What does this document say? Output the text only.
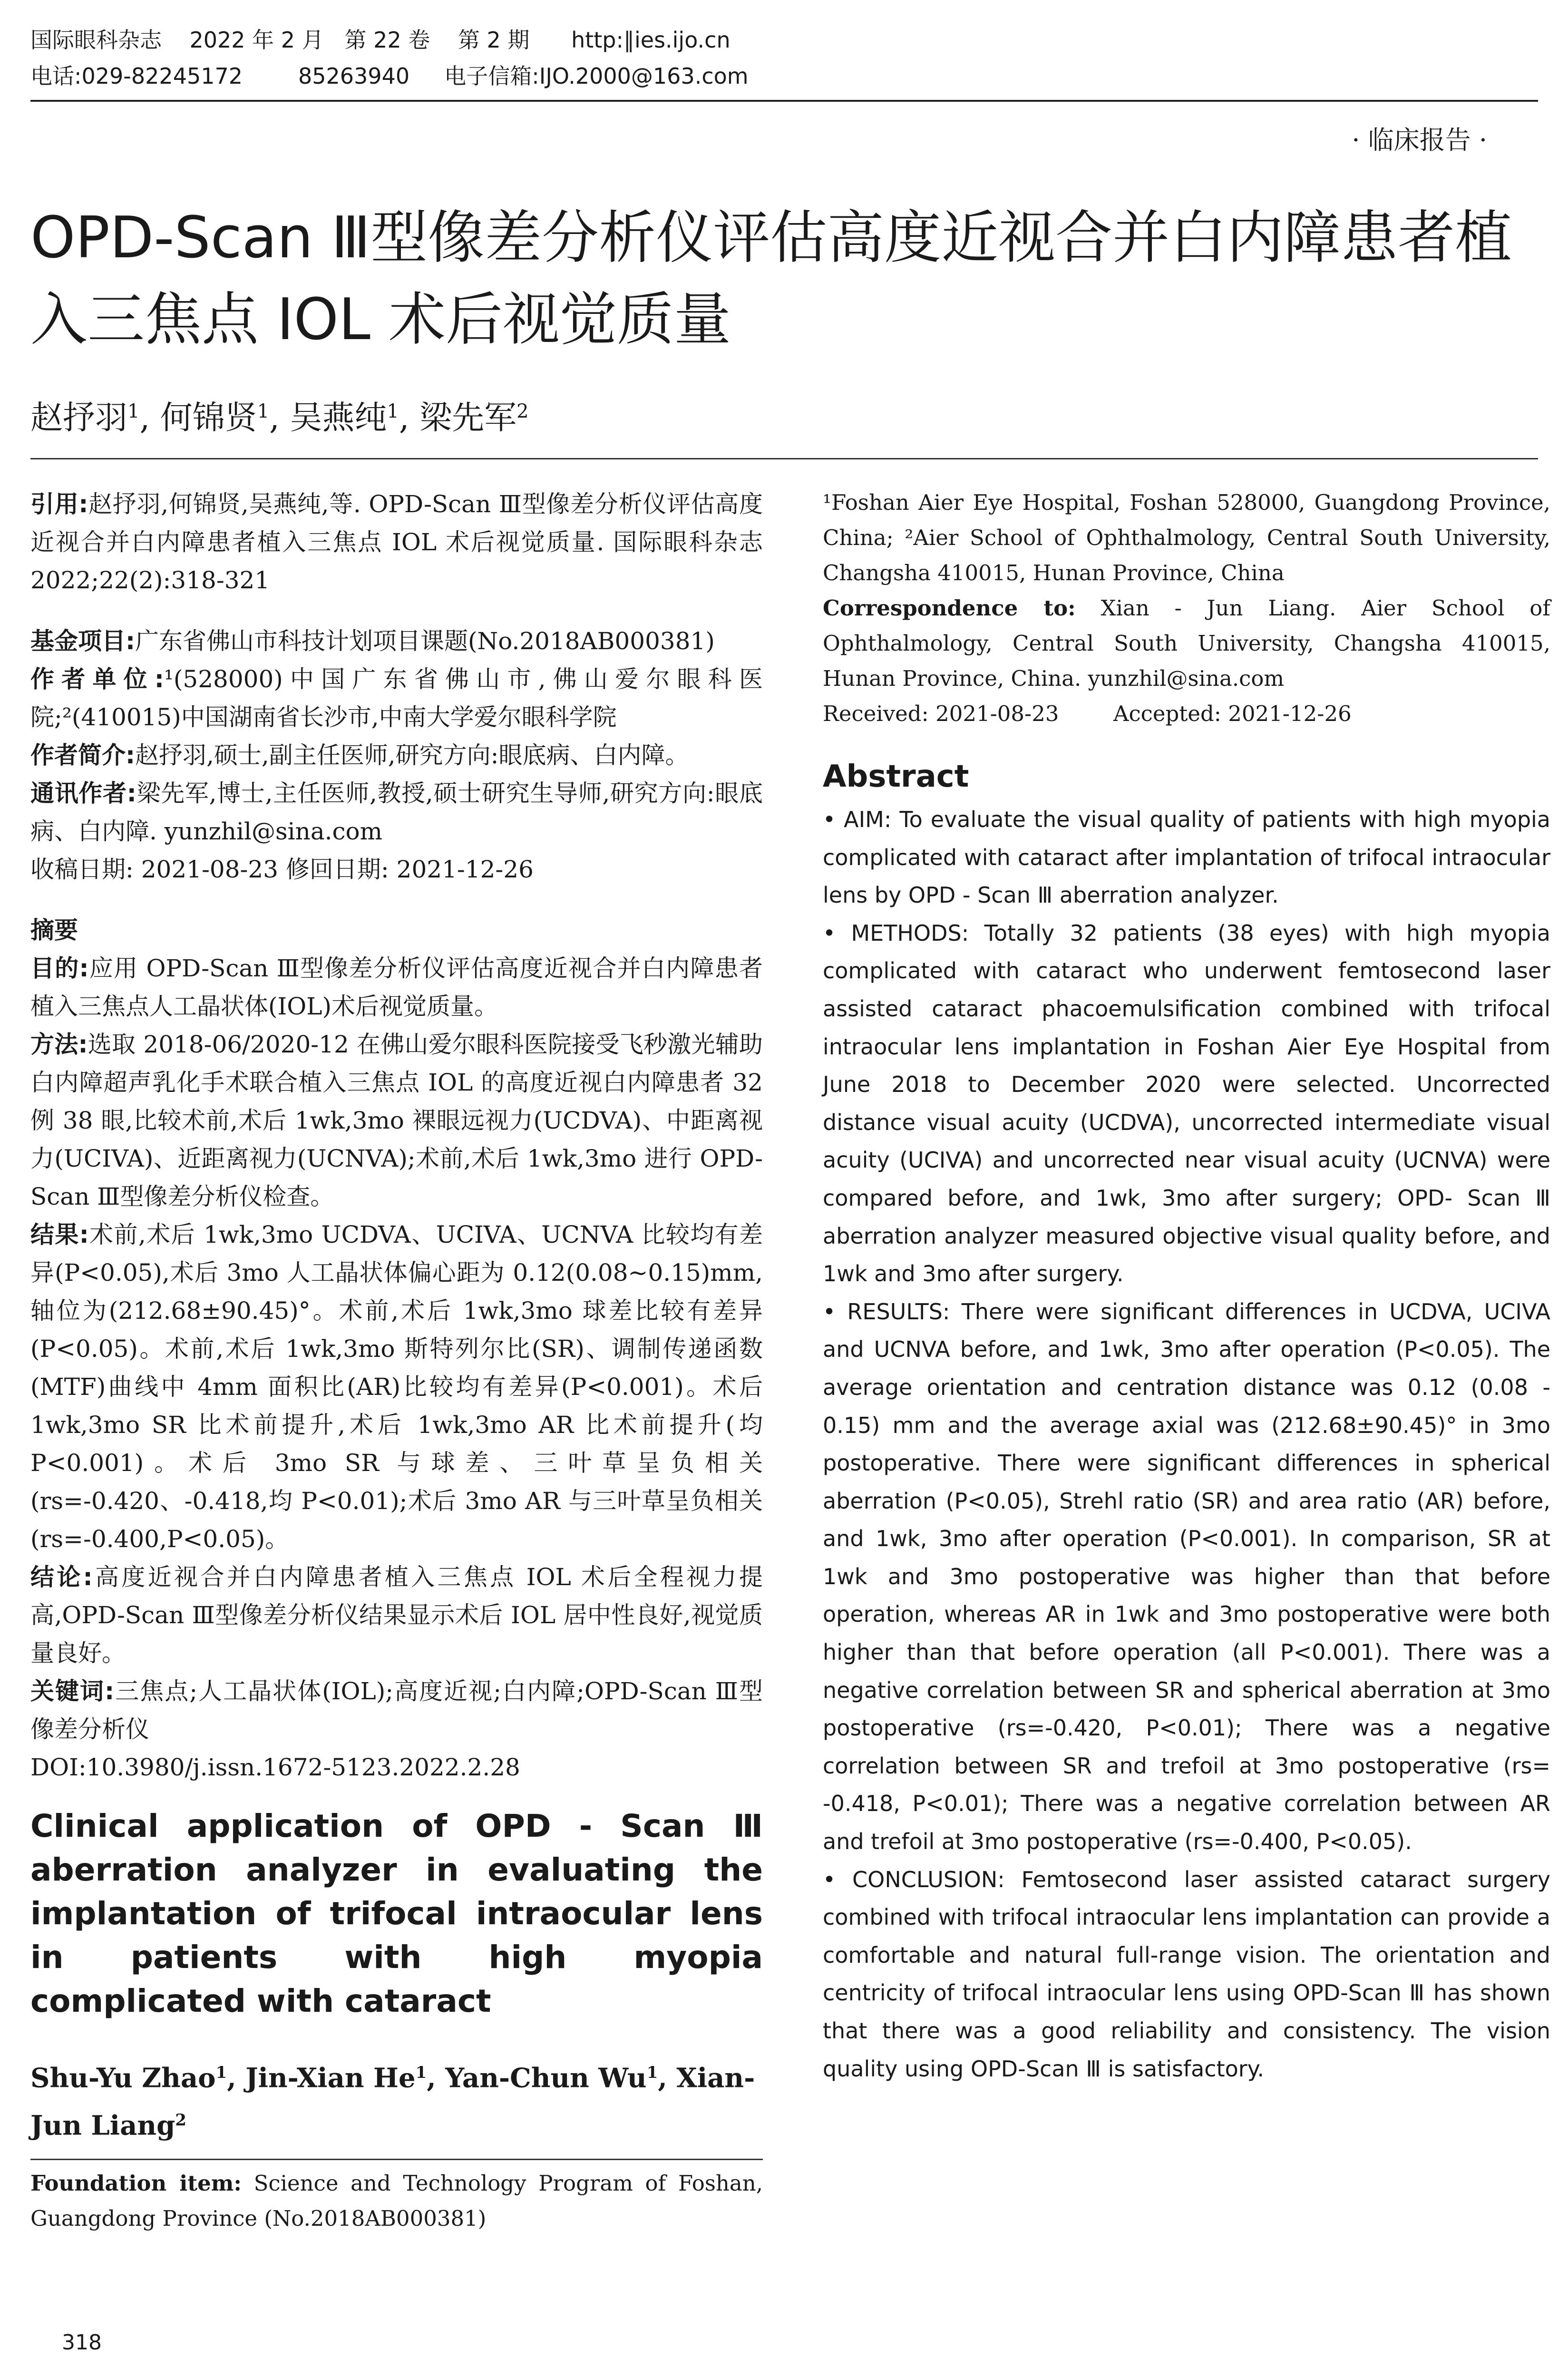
国际眼科杂志    2022 年 2 月   第 22 卷    第 2 期      http:∥ies.ijo.cn
电话:029-82245172        85263940     电子信箱:IJO.2000@163.com
· 临床报告 ·
OPD-Scan Ⅲ型像差分析仪评估高度近视合并白内障患者植入三焦点 IOL 术后视觉质量
赵抒羽$^1$, 何锦贤$^1$, 吴燕纯$^1$, 梁先军$^2$

引用:赵抒羽,何锦贤,吴燕纯,等. OPD-Scan Ⅲ型像差分析仪评估高度近视合并白内障患者植入三焦点 IOL 术后视觉质量. 国际眼科杂志 2022;22(2):318-321

基金项目:广东省佛山市科技计划项目课题(No.2018AB000381)

作者单位:¹(528000)中国广东省佛山市,佛山爱尔眼科医院;²(410015)中国湖南省长沙市,中南大学爱尔眼科学院

作者简介:赵抒羽,硕士,副主任医师,研究方向:眼底病、白内障。

通讯作者:梁先军,博士,主任医师,教授,硕士研究生导师,研究方向:眼底病、白内障. yunzhil@sina.com

收稿日期: 2021-08-23 修回日期: 2021-12-26

摘要

目的:应用 OPD-Scan Ⅲ型像差分析仪评估高度近视合并白内障患者植入三焦点人工晶状体(IOL)术后视觉质量。

方法:选取 2018-06/2020-12 在佛山爱尔眼科医院接受飞秒激光辅助白内障超声乳化手术联合植入三焦点 IOL 的高度近视白内障患者 32 例 38 眼,比较术前,术后 1wk,3mo 裸眼远视力(UCDVA)、中距离视力(UCIVA)、近距离视力(UCNVA);术前,术后 1wk,3mo 进行 OPD-Scan Ⅲ型像差分析仪检查。

结果:术前,术后 1wk,3mo UCDVA、UCIVA、UCNVA 比较均有差异(P<0.05),术后 3mo 人工晶状体偏心距为 0.12(0.08~0.15)mm,轴位为(212.68±90.45)°。术前,术后 1wk,3mo 球差比较有差异(P<0.05)。术前,术后 1wk,3mo 斯特列尔比(SR)、调制传递函数(MTF)曲线中 4mm 面积比(AR)比较均有差异(P<0.001)。术后 1wk,3mo SR 比术前提升,术后 1wk,3mo AR 比术前提升(均 P<0.001)。术后 3mo SR 与球差、三叶草呈负相关(rs=-0.420、-0.418,均 P<0.01);术后 3mo AR 与三叶草呈负相关(rs=-0.400,P<0.05)。

结论:高度近视合并白内障患者植入三焦点 IOL 术后全程视力提高,OPD-Scan Ⅲ型像差分析仪结果显示术后 IOL 居中性良好,视觉质量良好。

关键词:三焦点;人工晶状体(IOL);高度近视;白内障;OPD-Scan Ⅲ型像差分析仪

DOI:10.3980/j.issn.1672-5123.2022.2.28

Clinical application of OPD - Scan Ⅲ aberration analyzer in evaluating the implantation of trifocal intraocular lens in patients with high myopia complicated with cataract
Shu-Yu Zhao$^1$, Jin-Xian He$^1$, Yan-Chun Wu$^1$, Xian-Jun Liang$^2$

Foundation item: Science and Technology Program of Foshan, Guangdong Province (No.2018AB000381)

¹Foshan Aier Eye Hospital, Foshan 528000, Guangdong Province, China; ²Aier School of Ophthalmology, Central South University, Changsha 410015, Hunan Province, China

Correspondence to: Xian - Jun Liang. Aier School of Ophthalmology, Central South University, Changsha 410015, Hunan Province, China. yunzhil@sina.com

Received: 2021-08-23        Accepted: 2021-12-26

Abstract

• AIM: To evaluate the visual quality of patients with high myopia complicated with cataract after implantation of trifocal intraocular lens by OPD - Scan Ⅲ aberration analyzer.

• METHODS: Totally 32 patients (38 eyes) with high myopia complicated with cataract who underwent femtosecond laser assisted cataract phacoemulsification combined with trifocal intraocular lens implantation in Foshan Aier Eye Hospital from June 2018 to December 2020 were selected. Uncorrected distance visual acuity (UCDVA), uncorrected intermediate visual acuity (UCIVA) and uncorrected near visual acuity (UCNVA) were compared before, and 1wk, 3mo after surgery; OPD- Scan Ⅲ aberration analyzer measured objective visual quality before, and 1wk and 3mo after surgery.

• RESULTS: There were significant differences in UCDVA, UCIVA and UCNVA before, and 1wk, 3mo after operation (P<0.05). The average orientation and centration distance was 0.12 (0.08 - 0.15) mm and the average axial was (212.68±90.45)° in 3mo postoperative. There were significant differences in spherical aberration (P<0.05), Strehl ratio (SR) and area ratio (AR) before, and 1wk, 3mo after operation (P<0.001). In comparison, SR at 1wk and 3mo postoperative was higher than that before operation, whereas AR in 1wk and 3mo postoperative were both higher than that before operation (all P<0.001). There was a negative correlation between SR and spherical aberration at 3mo postoperative (rs=-0.420, P<0.01); There was a negative correlation between SR and trefoil at 3mo postoperative (rs= -0.418, P<0.01); There was a negative correlation between AR and trefoil at 3mo postoperative (rs=-0.400, P<0.05).

• CONCLUSION: Femtosecond laser assisted cataract surgery combined with trifocal intraocular lens implantation can provide a comfortable and natural full-range vision. The orientation and centricity of trifocal intraocular lens using OPD-Scan Ⅲ has shown that there was a good reliability and consistency. The vision quality using OPD-Scan Ⅲ is satisfactory.

318
